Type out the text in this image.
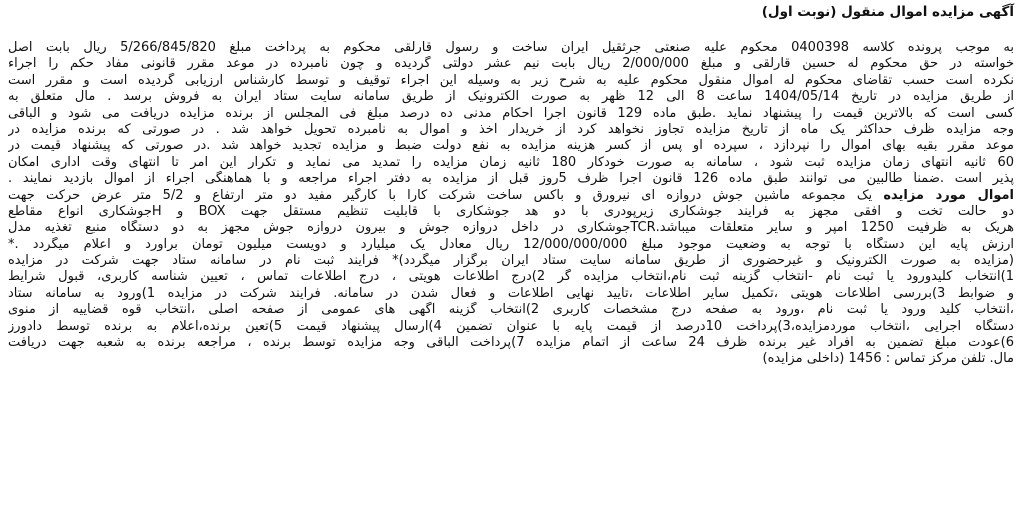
آگهی مزایده اموال منقول (نوبت اول)
به موجب پرونده کلاسه 0400398 محکوم علیه صنعتی جرثقیل ایران ساخت و رسول قارلقی محکوم به پرداخت مبلغ 5/266/845/820 ریال بابت اصل
خواسته در حق محکوم له حسین قارلقی و مبلغ 2/000/000 ریال بابت نیم عشر دولتی گردیده و چون نامبرده در موعد مقرر قانونی مفاد حکم را اجراء
نکرده است حسب تقاضای محکوم له اموال منقول محکوم علیه به شرح زیر به وسیله این اجراء توقیف و توسط کارشناس ارزیابی گردیده است و مقرر است
از طریق مزایده در تاریخ 1404/05/14 ساعت 8 الی 12 ظهر به صورت الکترونیک از طریق سامانه سایت ستاد ایران به فروش برسد . مال متعلق به
کسی است که بالاترین قیمت را پیشنهاد نماید .طبق ماده 129 قانون اجرا احکام مدنی ده درصد مبلغ فی المجلس از برنده مزایده دریافت می شود و الباقی
وجه مزایده ظرف حداکثر یک ماه از تاریخ مزایده تجاوز نخواهد کرد از خریدار اخذ و اموال به نامبرده تحویل خواهد شد . در صورتی که برنده مزایده در
موعد مقرر بقیه بهای اموال را نپردازد ، سپرده او پس از کسر هزینه مزایده به نفع دولت ضبط و مزایده تجدید خواهد شد .در صورتی که پیشنهاد قیمت در
60 ثانیه انتهای زمان مزایده ثبت شود ، سامانه به صورت خودکار 180 ثانیه زمان مزایده را تمدید می نماید و تکرار این امر تا انتهای وقت اداری امکان
پذیر است .ضمناً طالبین می توانند طبق ماده 126 قانون اجرا ظرف 5روز قبل از مزایده به دفتر اجراء مراجعه و با هماهنگی اجراء از اموال بازدید نمایند .
اموال مورد مزایده یک مجموعه ماشین جوش دروازه ای نیرورق و باکس ساخت شرکت کارا با کارگیر مفید دو متر ارتفاع و 5/2 متر عرض حرکت جهت
دو حالت تخت و افقی مجهز به فرآیند جوشکاری زیرپودری با دو هد جوشکاری با قابلیت تنظیم مستقل جهت BOX و Hجوشکاری انواع مقاطع
هریک به ظرفیت 1250 آمپر و سایر متعلقات میباشد.TCRجوشکاری در داخل دروازه جوش و بیرون دروازه جوش مجهز به دو دستگاه منبع تغذیه مدل
ارزش پایه این دستگاه با توجه به وضعیت موجود مبلغ 12/000/000/000 ریال معادل یک میلیارد و دویست میلیون تومان برآورد و اعلام میگردد .*
(مزایده به صورت الکترونیک و غیرحضوری از طریق سامانه سایت ستاد ایران برگزار میگردد)* فرآیند ثبت نام در سامانه ستاد جهت شرکت در مزایده
1)انتخاب کلیدورود یا ثبت نام -انتخاب گزینه ثبت نام،انتخاب مزایده گر 2)درج اطلاعات هویتی ، درج اطلاعات تماس ، تعیین شناسه کاربری، قبول شرایط
و ضوابط 3)بررسی اطلاعات هویتی ،تکمیل سایر اطلاعات ،تایید نهایی اطلاعات و فعال شدن در سامانه. فرآیند شرکت در مزایده 1)ورود به سامانه ستاد
،انتخاب کلید ورود یا ثبت نام ،ورود به صفحه درج مشخصات کاربری 2)انتخاب گزینه آگهی های عمومی از صفحه اصلی ،انتخاب قوه قضاییه از منوی
دستگاه اجرایی ،انتخاب موردمزایده،3)پرداخت 10درصد از قیمت پایه با عنوان تضمین 4)ارسال پیشنهاد قیمت 5)تعین برنده،اعلام به برنده توسط دادورز
6)عودت مبلغ تضمین به افراد غیر برنده ظرف 24 ساعت از اتمام مزایده 7)پرداخت الباقی وجه مزایده توسط برنده ، مراجعه برنده به شعبه جهت دریافت
مال. تلفن مرکز تماس : 1456 (داخلی مزایده)
